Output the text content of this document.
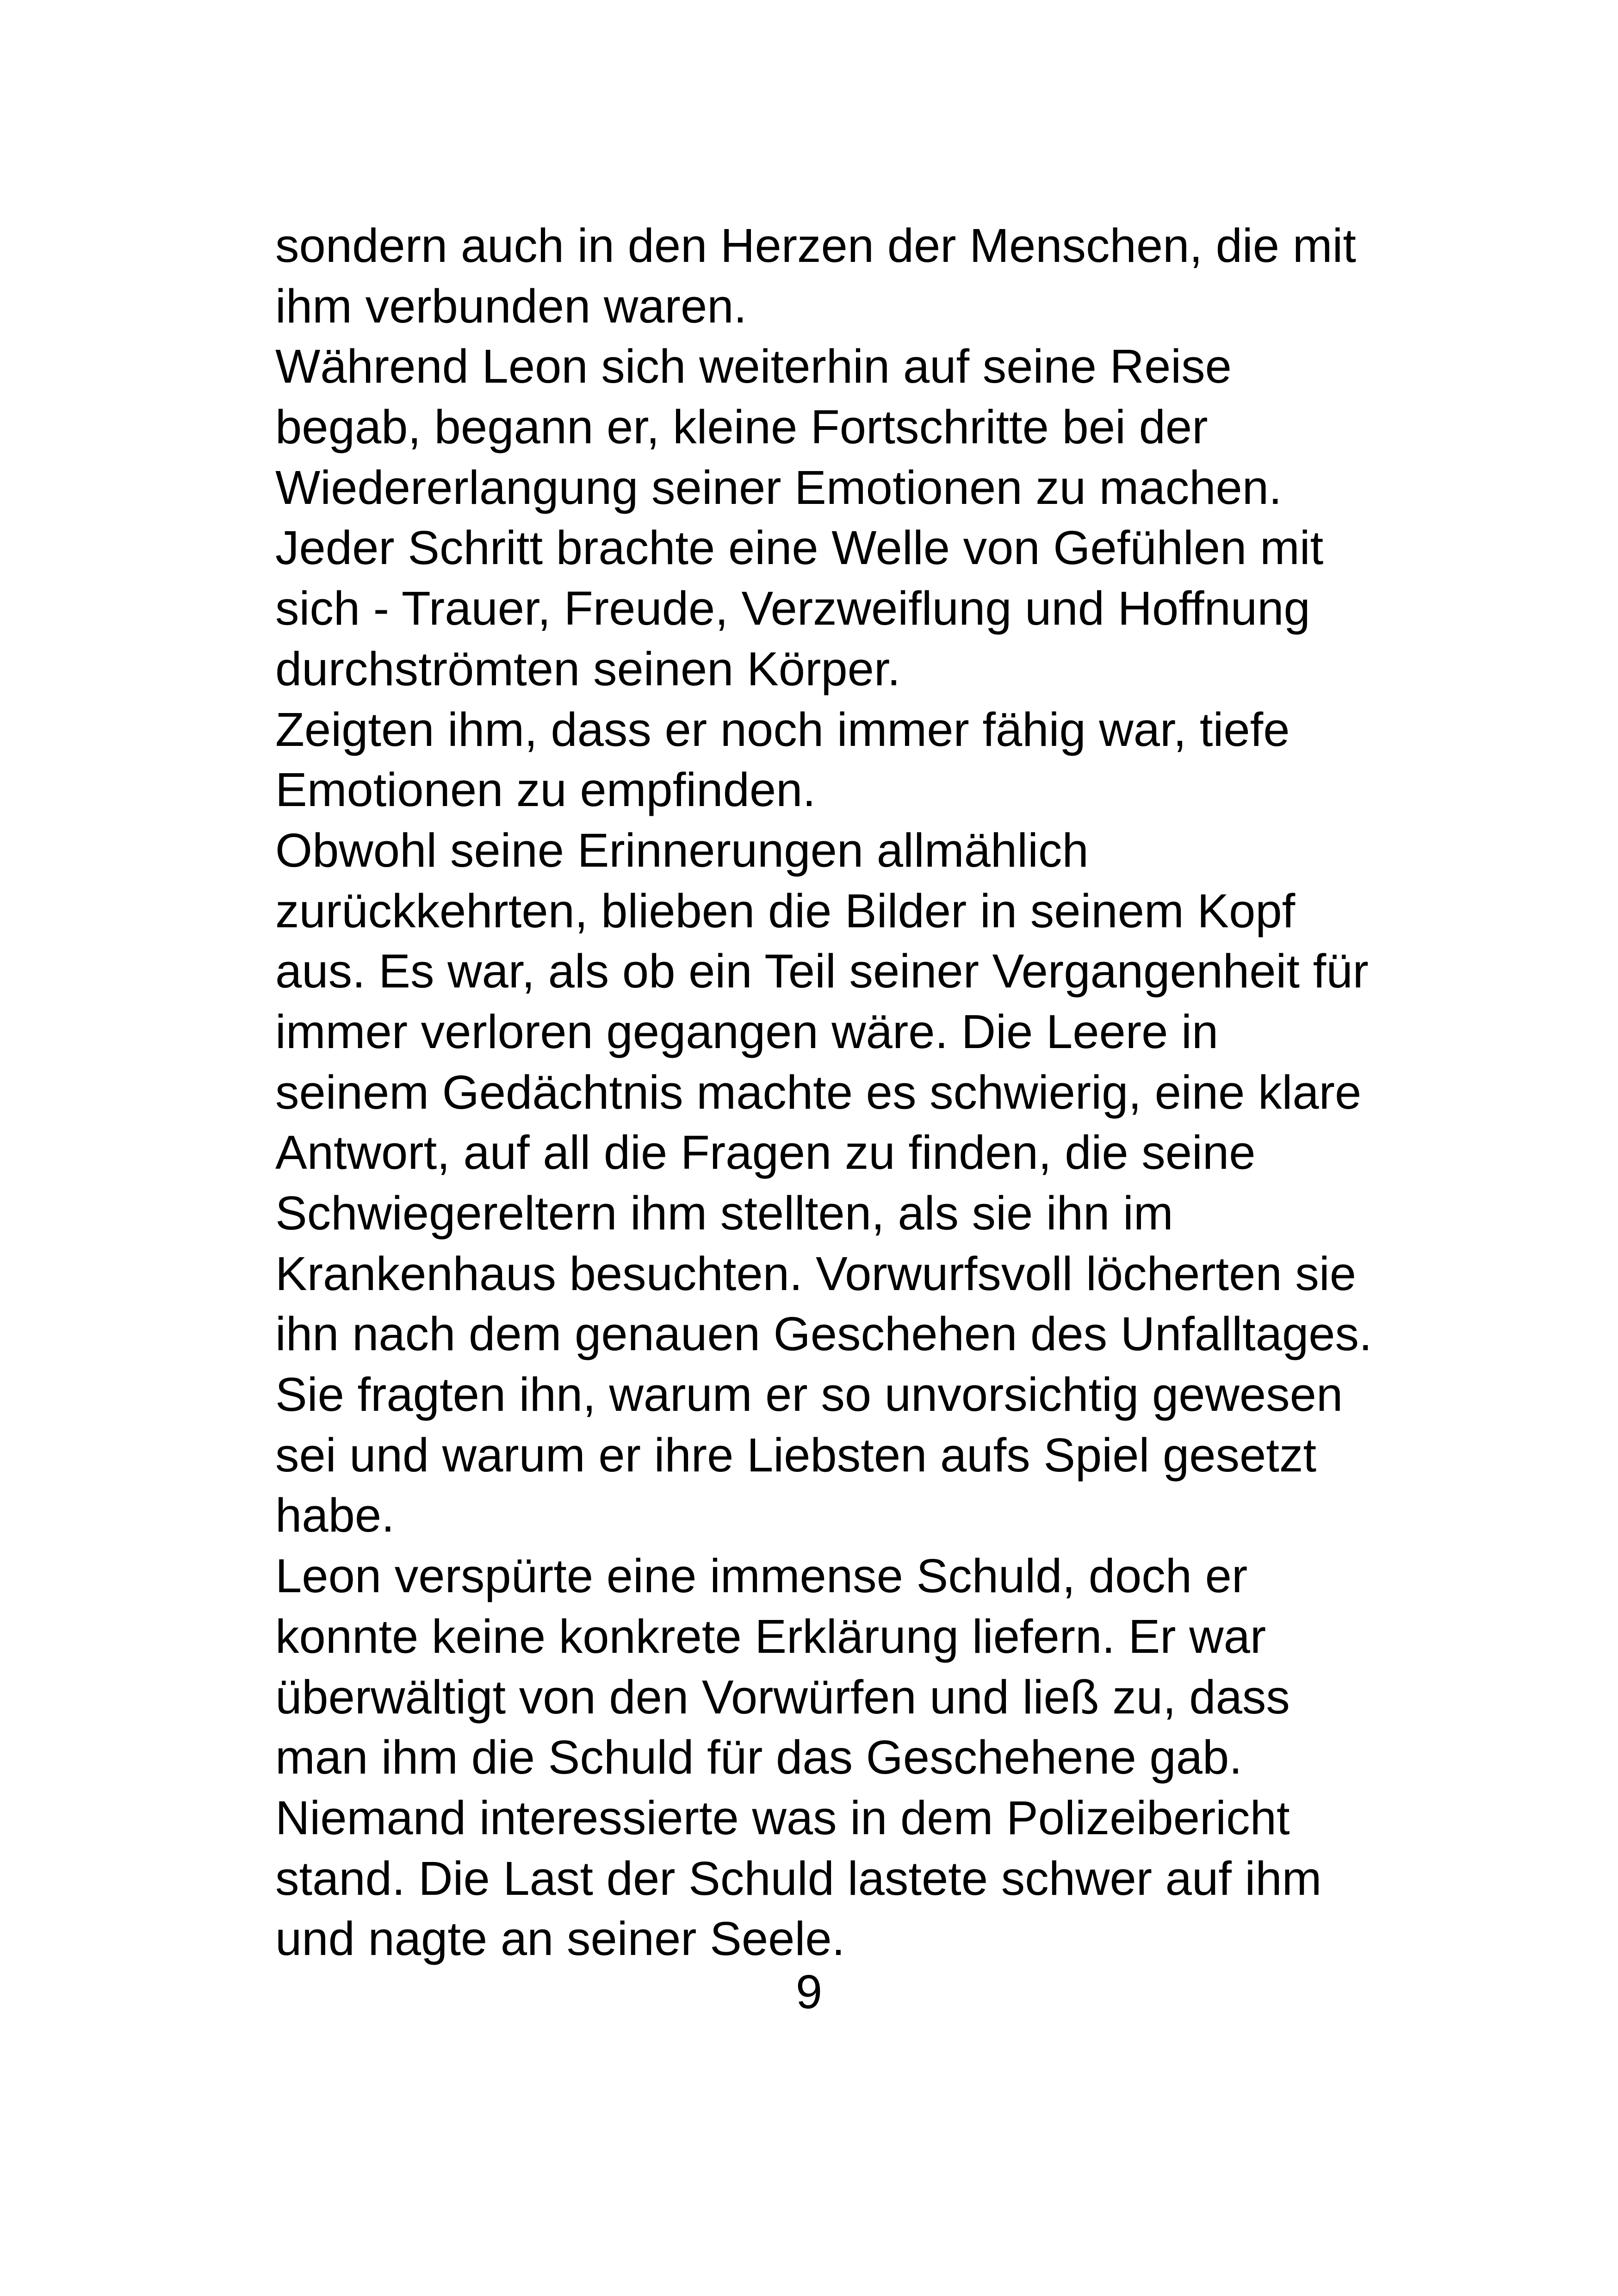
sondern auch in den Herzen der Menschen, die mit
ihm verbunden waren.
Während Leon sich weiterhin auf seine Reise
begab, begann er, kleine Fortschritte bei der
Wiedererlangung seiner Emotionen zu machen.
Jeder Schritt brachte eine Welle von Gefühlen mit
sich - Trauer, Freude, Verzweiflung und Hoffnung
durchströmten seinen Körper.
Zeigten ihm, dass er noch immer fähig war, tiefe
Emotionen zu empfinden.
Obwohl seine Erinnerungen allmählich
zurückkehrten, blieben die Bilder in seinem Kopf
aus. Es war, als ob ein Teil seiner Vergangenheit für
immer verloren gegangen wäre. Die Leere in
seinem Gedächtnis machte es schwierig, eine klare
Antwort, auf all die Fragen zu finden, die seine
Schwiegereltern ihm stellten, als sie ihn im
Krankenhaus besuchten. Vorwurfsvoll löcherten sie
ihn nach dem genauen Geschehen des Unfalltages.
Sie fragten ihn, warum er so unvorsichtig gewesen
sei und warum er ihre Liebsten aufs Spiel gesetzt
habe.
Leon verspürte eine immense Schuld, doch er
konnte keine konkrete Erklärung liefern. Er war
überwältigt von den Vorwürfen und ließ zu, dass
man ihm die Schuld für das Geschehene gab.
Niemand interessierte was in dem Polizeibericht
stand. Die Last der Schuld lastete schwer auf ihm
und nagte an seiner Seele.
9
